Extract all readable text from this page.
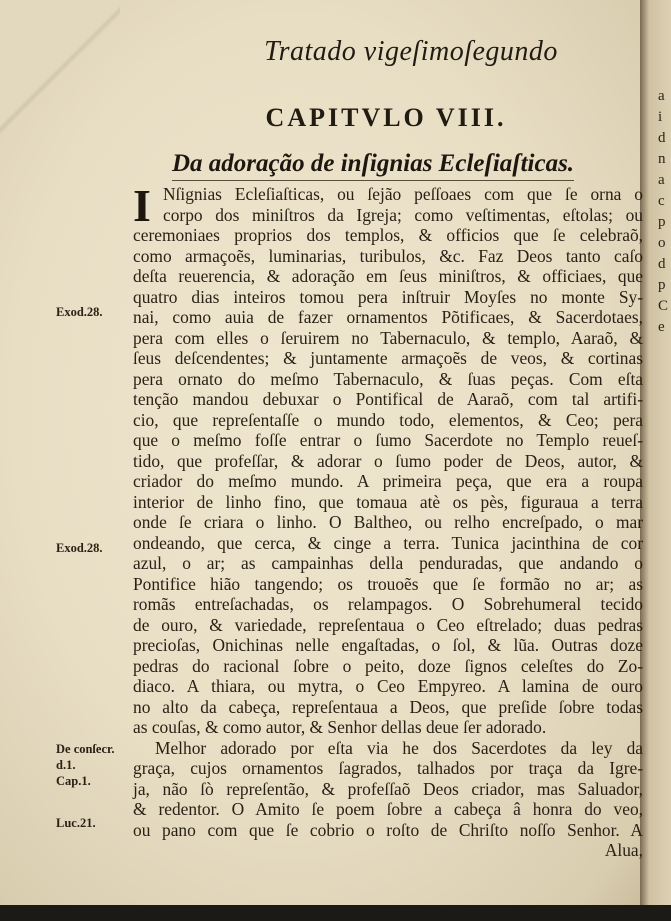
a
i
d
n
a
c
p
o
d
p
C
e
Tratado vigeſimoſegundo
CAPITVLO VIII.
Da adoração de inſignias Ecleſiaſticas.
I Nſignias Ecleſiaſticas, ou ſejão peſſoaes com que ſe orna o
corpo dos miniſtros da Igreja; como veſtimentas, eſtolas; ou
ceremoniaes proprios dos templos, & officios que ſe celebraõ,
como armaçoẽs, luminarias, turibulos, &c. Faz Deos tanto caſo
deſta reuerencia, & adoração em ſeus miniſtros, & officiaes, que
quatro dias inteiros tomou pera inſtruir Moyſes no monte Sy-
nai, como auia de fazer ornamentos Põtificaes, & Sacerdotaes,
pera com elles o ſeruirem no Tabernaculo, & templo, Aaraõ, &
ſeus deſcendentes; & juntamente armaçoẽs de veos, & cortinas
pera ornato do meſmo Tabernaculo, & ſuas peças. Com eſta
tenção mandou debuxar o Pontifical de Aaraõ, com tal artifi-
cio, que repreſentaſſe o mundo todo, elementos, & Ceo; pera
que o meſmo foſſe entrar o ſumo Sacerdote no Templo reueſ-
tido, que profeſſar, & adorar o ſumo poder de Deos, autor, &
criador do meſmo mundo. A primeira peça, que era a roupa
interior de linho fino, que tomaua atè os pès, figuraua a terra
onde ſe criara o linho. O Baltheo, ou relho encreſpado, o mar
ondeando, que cerca, & cinge a terra. Tunica jacinthina de cor
azul, o ar; as campainhas della penduradas, que andando o
Pontifice hião tangendo; os trouoẽs que ſe formão no ar; as
romãs entreſachadas, os relampagos. O Sobrehumeral tecido
de ouro, & variedade, repreſentaua o Ceo eſtrelado; duas pedras
precioſas, Onichinas nelle engaſtadas, o ſol, & lũa. Outras doze
pedras do racional ſobre o peito, doze ſignos celeſtes do Zo-
diaco. A thiara, ou mytra, o Ceo Empyreo. A lamina de ouro
no alto da cabeça, repreſentaua a Deos, que preſide ſobre todas
as couſas, & como autor, & Senhor dellas deue ſer adorado.
Melhor adorado por eſta via he dos Sacerdotes da ley da
graça, cujos ornamentos ſagrados, talhados por traça da Igre-
ja, não ſò repreſentão, & profeſſaõ Deos criador, mas Saluador,
& redentor. O Amito ſe poem ſobre a cabeça â honra do veo,
ou pano com que ſe cobrio o roſto de Chriſto noſſo Senhor. A
Alua,
Exod.28.
Exod.28.
De conſecr.
d.1.
Cap.1.
Luc.21.
